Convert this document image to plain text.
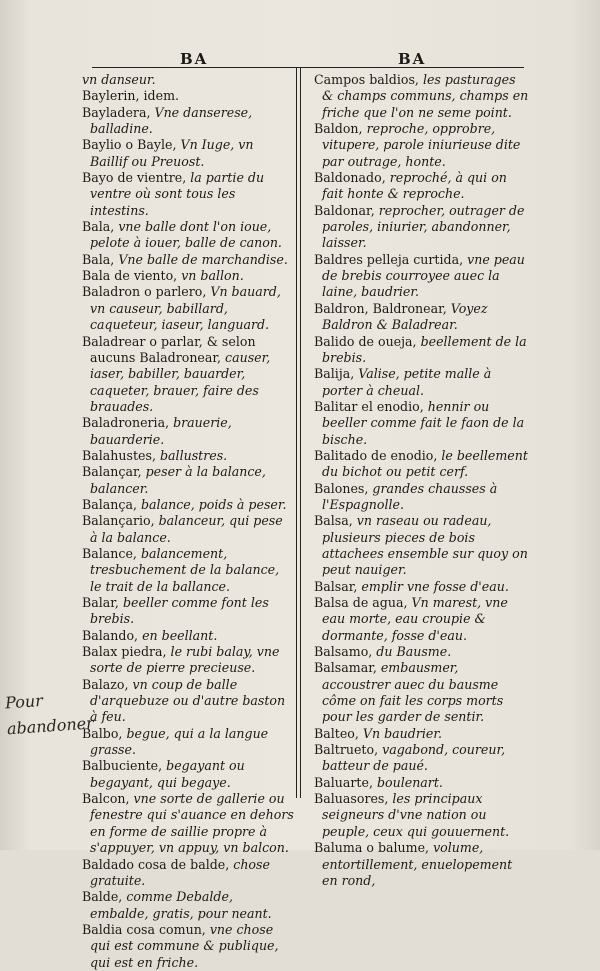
BA	BA

vn danseur.

Baylerin, idem.

Bayladera, Vne danserese, balladine.

Baylio o Bayle, Vn Iuge, vn Baillif ou Preuost.

Bayo de vientre, la partie du ventre où sont tous les intestins.

Bala, vne balle dont l'on ioue, pelote à iouer, balle de canon.

Bala, Vne balle de marchandise.

Bala de viento, vn ballon.

Baladron o parlero, Vn bauard, vn causeur, babillard, caqueteur, iaseur, languard.

Baladrear o parlar, & selon aucuns Baladronear, causer, iaser, babiller, bauarder, caqueter, brauer, faire des brauades.

Baladroneria, brauerie, bauarderie.

Balahustes, ballustres.

Balançar, peser à la balance, balancer.

Balança, balance, poids à peser.

Balançario, balanceur, qui pese à la balance.

Balance, balancement, tresbuchement de la balance, le trait de la ballance.

Balar, beeller comme font les brebis.

Balando, en beellant.

Balax piedra, le rubi balay, vne sorte de pierre precieuse.

Balazo, vn coup de balle d'arquebuze ou d'autre baston à feu.

Balbo, begue, qui a la langue grasse.

Balbuciente, begayant ou begayant, qui begaye.

Balcon, vne sorte de gallerie ou fenestre qui s'auance en dehors en forme de saillie propre à s'appuyer, vn appuy, vn balcon.

Baldado cosa de balde, chose gratuite.

Balde, comme Debalde, embalde, gratis, pour neant.

Baldia cosa comun, vne chose qui est commune & publique, qui est en friche.

Campos baldios, les pasturages & champs communs, champs en friche que l'on ne seme point.

Baldon, reproche, opprobre, vitupere, parole iniurieuse dite par outrage, honte.

Baldonado, reproché, à qui on fait honte & reproche.

Baldonar, reprocher, outrager de paroles, iniurier, abandonner, laisser.

Baldres pelleja curtida, vne peau de brebis courroyee auec la laine, baudrier.

Baldron, Baldronear, Voyez Baldron & Baladrear.

Balido de oueja, beellement de la brebis.

Balija, Valise, petite malle à porter à cheual.

Balitar el enodio, hennir ou beeller comme fait le faon de la bische.

Balitado de enodio, le beellement du bichot ou petit cerf.

Balones, grandes chausses à l'Espagnolle.

Balsa, vn raseau ou radeau, plusieurs pieces de bois attachees ensemble sur quoy on peut nauiger.

Balsar, emplir vne fosse d'eau.

Balsa de agua, Vn marest, vne eau morte, eau croupie & dormante, fosse d'eau.

Balsamo, du Bausme.

Balsamar, embausmer, accoustrer auec du bausme côme on fait les corps morts pour les garder de sentir.

Balteo, Vn baudrier.

Baltrueto, vagabond, coureur, batteur de paué.

Baluarte, boulenart.

Baluasores, les principaux seigneurs d'vne nation ou peuple, ceux qui gouuernent.

Baluma o balume, volume, entortillement, enuelopement en rond,

Pour
abandoner
